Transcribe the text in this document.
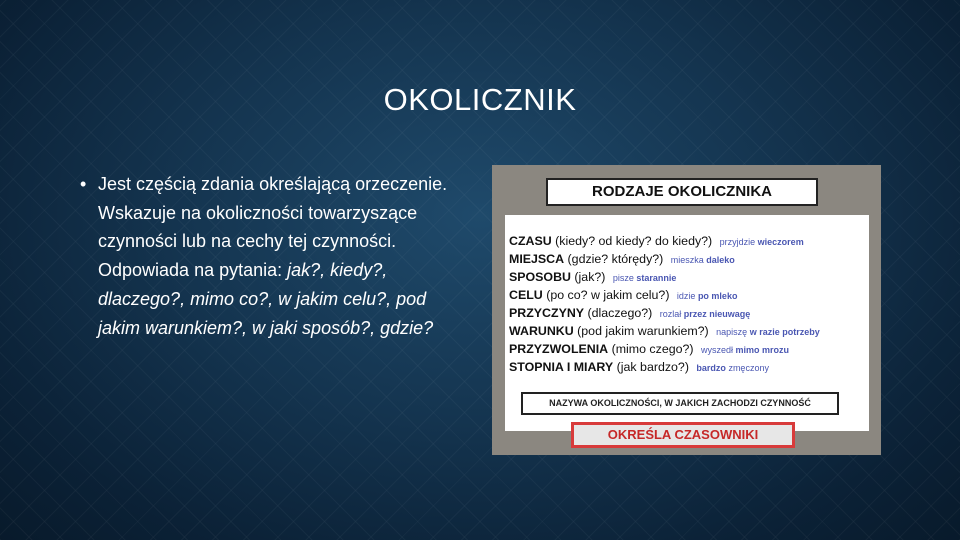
OKOLICZNIK
• Jest częścią zdania określającą orzeczenie. Wskazuje na okoliczności towarzyszące czynności lub na cechy tej czynności. Odpowiada na pytania: jak?, kiedy?, dlaczego?, mimo co?, w jakim celu?, pod jakim warunkiem?, w jaki sposób?, gdzie?
RODZAJE OKOLICZNIKA
CZASU (kiedy? od kiedy? do kiedy?) przyjdzie wieczorem
MIEJSCA (gdzie? którędy?) mieszka daleko
SPOSOBU (jak?) pisze starannie
CELU (po co? w jakim celu?) idzie po mleko
PRZYCZYNY (dlaczego?) rozlał przez nieuwagę
WARUNKU (pod jakim warunkiem?) napiszę w razie potrzeby
PRZYZWOLENIA (mimo czego?) wyszedł mimo mrozu
STOPNIA I MIARY (jak bardzo?) bardzo zmęczony
NAZYWA OKOLICZNOŚCI, W JAKICH ZACHODZI CZYNNOŚĆ
OKREŚLA CZASOWNIKI
